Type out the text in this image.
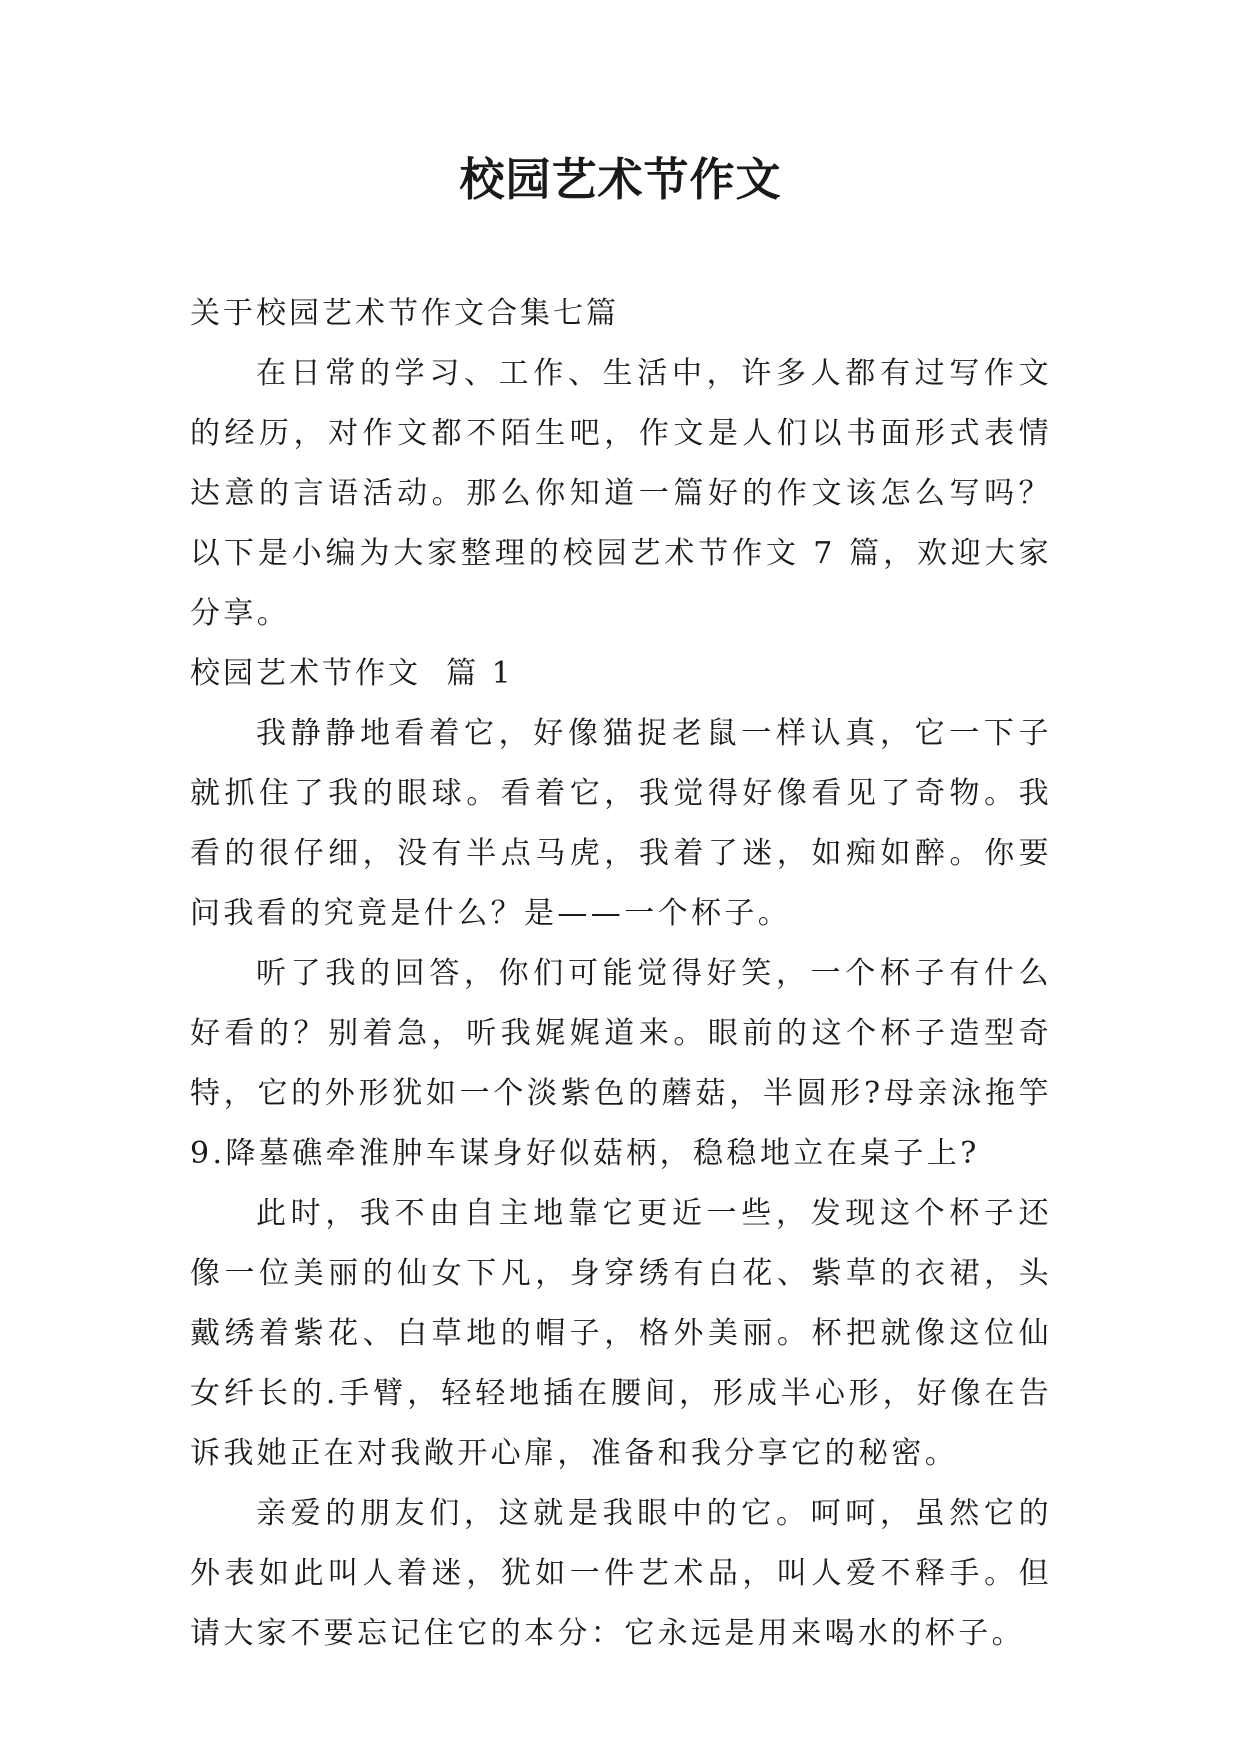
校园艺术节作文

关于校园艺术节作文合集七篇

在日常的学习、工作、生活中，许多人都有过写作文的经历，对作文都不陌生吧，作文是人们以书面形式表情达意的言语活动。那么你知道一篇好的作文该怎么写吗？以下是小编为大家整理的校园艺术节作文 7 篇，欢迎大家分享。

校园艺术节作文  篇 1

我静静地看着它，好像猫捉老鼠一样认真，它一下子就抓住了我的眼球。看着它，我觉得好像看见了奇物。我看的很仔细，没有半点马虎，我着了迷，如痴如醉。你要问我看的究竟是什么？是——一个杯子。

听了我的回答，你们可能觉得好笑，一个杯子有什么好看的？别着急，听我娓娓道来。眼前的这个杯子造型奇特，它的外形犹如一个淡紫色的蘑菇，半圆形?母亲泳拖竽 9.降墓礁牵淮肿车谋身好似菇柄，稳稳地立在桌子上?

此时，我不由自主地靠它更近一些，发现这个杯子还像一位美丽的仙女下凡，身穿绣有白花、紫草的衣裙，头戴绣着紫花、白草地的帽子，格外美丽。杯把就像这位仙女纤长的.手臂，轻轻地插在腰间，形成半心形，好像在告诉我她正在对我敞开心扉，准备和我分享它的秘密。

亲爱的朋友们，这就是我眼中的它。呵呵，虽然它的外表如此叫人着迷，犹如一件艺术品，叫人爱不释手。但请大家不要忘记住它的本分：它永远是用来喝水的杯子。
